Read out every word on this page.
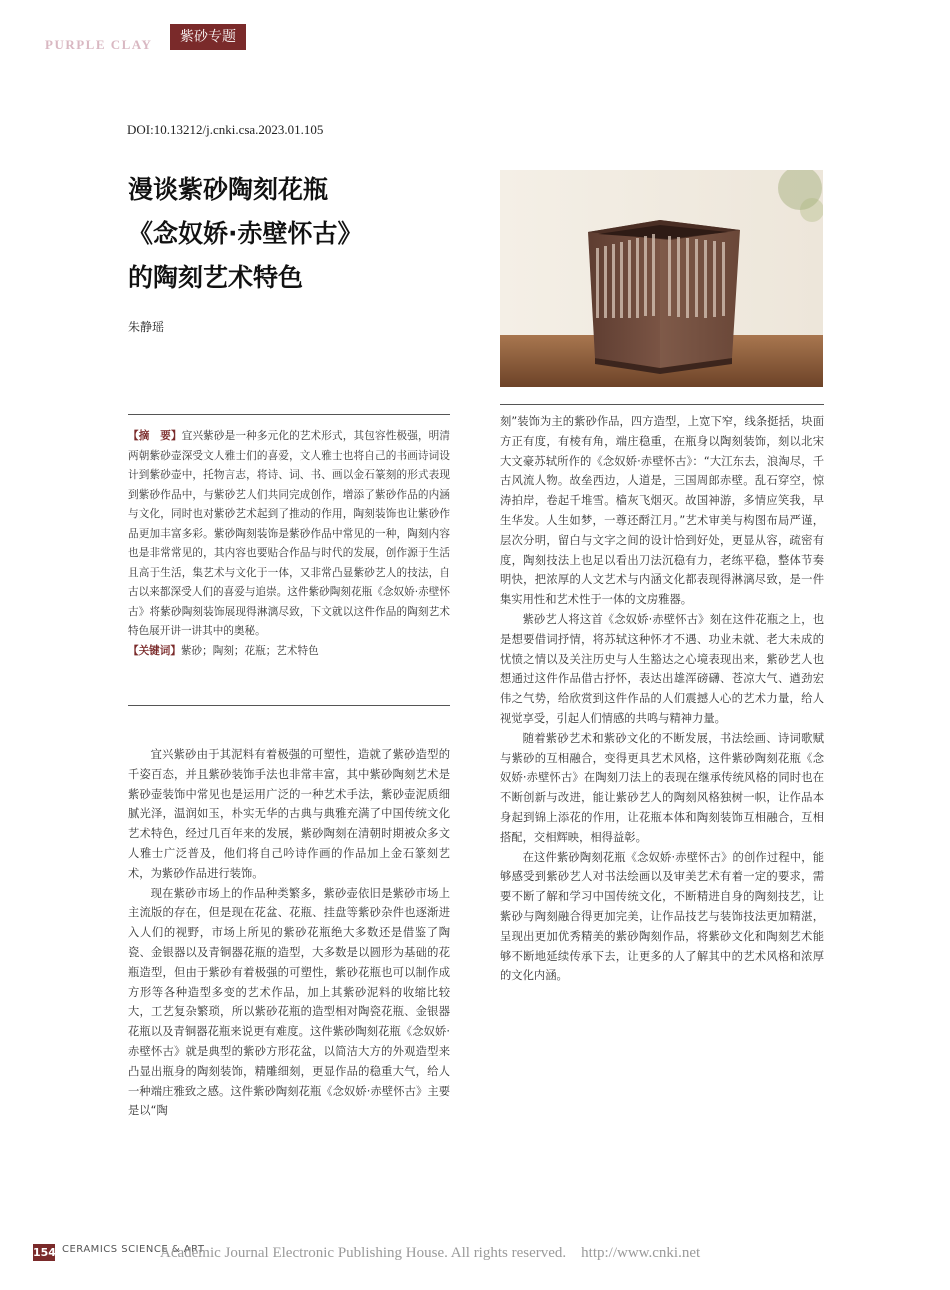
PURPLE CLAY	紫砂专题
DOI:10.13212/j.cnki.csa.2023.01.105
漫谈紫砂陶刻花瓶
《念奴娇·赤壁怀古》
的陶刻艺术特色
朱静瑶

【摘　要】宜兴紫砂是一种多元化的艺术形式，其包容性极强，明清两朝紫砂壶深受文人雅士们的喜爱，文人雅士也将自己的书画诗词设计到紫砂壶中，托物言志，将诗、词、书、画以金石篆刻的形式表现到紫砂作品中，与紫砂艺人们共同完成创作，增添了紫砂作品的内涵与文化，同时也对紫砂艺术起到了推动的作用，陶刻装饰也让紫砂作品更加丰富多彩。紫砂陶刻装饰是紫砂作品中常见的一种，陶刻内容也是非常常见的，其内容也要贴合作品与时代的发展，创作源于生活且高于生活，集艺术与文化于一体，又非常凸显紫砂艺人的技法，自古以来都深受人们的喜爱与追崇。这件紫砂陶刻花瓶《念奴娇·赤壁怀古》将紫砂陶刻装饰展现得淋漓尽致，下文就以这件作品的陶刻艺术特色展开讲一讲其中的奥秘。

【关键词】紫砂；陶刻；花瓶；艺术特色

宜兴紫砂由于其泥料有着极强的可塑性，造就了紫砂造型的千姿百态，并且紫砂装饰手法也非常丰富，其中紫砂陶刻艺术是紫砂壶装饰中常见也是运用广泛的一种艺术手法，紫砂壶泥质细腻光泽，温润如玉，朴实无华的古典与典雅充满了中国传统文化艺术特色，经过几百年来的发展，紫砂陶刻在清朝时期被众多文人雅士广泛普及，他们将自己吟诗作画的作品加上金石篆刻艺术，为紫砂作品进行装饰。

现在紫砂市场上的作品种类繁多，紫砂壶依旧是紫砂市场上主流版的存在，但是现在花盆、花瓶、挂盘等紫砂杂件也逐渐进入人们的视野，市场上所见的紫砂花瓶绝大多数还是借鉴了陶瓷、金银器以及青铜器花瓶的造型，大多数是以圆形为基础的花瓶造型，但由于紫砂有着极强的可塑性，紫砂花瓶也可以制作成方形等各种造型多变的艺术作品，加上其紫砂泥料的收缩比较大，工艺复杂繁琐，所以紫砂花瓶的造型相对陶瓷花瓶、金银器花瓶以及青铜器花瓶来说更有难度。这件紫砂陶刻花瓶《念奴娇·赤壁怀古》就是典型的紫砂方形花盆，以简洁大方的外观造型来凸显出瓶身的陶刻装饰，精雕细刻，更显作品的稳重大气，给人一种端庄雅致之感。这件紫砂陶刻花瓶《念奴娇·赤壁怀古》主要是以“陶

刻”装饰为主的紫砂作品，四方造型，上宽下窄，线条挺括，块面方正有度，有棱有角，端庄稳重，在瓶身以陶刻装饰，刻以北宋大文豪苏轼所作的《念奴娇·赤壁怀古》：“大江东去，浪淘尽，千古风流人物。故垒西边，人道是，三国周郎赤壁。乱石穿空，惊涛拍岸，卷起千堆雪。樯灰飞烟灭。故国神游，多情应笑我，早生华发。人生如梦，一尊还酹江月。”艺术审美与构图布局严谨，层次分明，留白与文字之间的设计恰到好处，更显从容，疏密有度，陶刻技法上也足以看出刀法沉稳有力，老练平稳，整体节奏明快，把浓厚的人文艺术与内涵文化都表现得淋漓尽致，是一件集实用性和艺术性于一体的文房雅器。

紫砂艺人将这首《念奴娇·赤壁怀古》刻在这件花瓶之上，也是想要借词抒情，将苏轼这种怀才不遇、功业未就、老大未成的忧愤之情以及关注历史与人生豁达之心境表现出来，紫砂艺人也想通过这件作品借古抒怀，表达出雄浑磅礴、苍凉大气、遒劲宏伟之气势，给欣赏到这件作品的人们震撼人心的艺术力量，给人视觉享受，引起人们情感的共鸣与精神力量。

随着紫砂艺术和紫砂文化的不断发展，书法绘画、诗词歌赋与紫砂的互相融合，变得更具艺术风格，这件紫砂陶刻花瓶《念奴娇·赤壁怀古》在陶刻刀法上的表现在继承传统风格的同时也在不断创新与改进，能让紫砂艺人的陶刻风格独树一帜，让作品本身起到锦上添花的作用，让花瓶本体和陶刻装饰互相融合，互相搭配，交相辉映，相得益彰。

在这件紫砂陶刻花瓶《念奴娇·赤壁怀古》的创作过程中，能够感受到紫砂艺人对书法绘画以及审美艺术有着一定的要求，需要不断了解和学习中国传统文化，不断精进自身的陶刻技艺，让紫砂与陶刻融合得更加完美，让作品技艺与装饰技法更加精湛，呈现出更加优秀精美的紫砂陶刻作品，将紫砂文化和陶刻艺术能够不断地延续传承下去，让更多的人了解其中的艺术风格和浓厚的文化内涵。

154 CERAMICS SCIENCE & ART
Academic Journal Electronic Publishing House. All rights reserved.　http://www.cnki.net
